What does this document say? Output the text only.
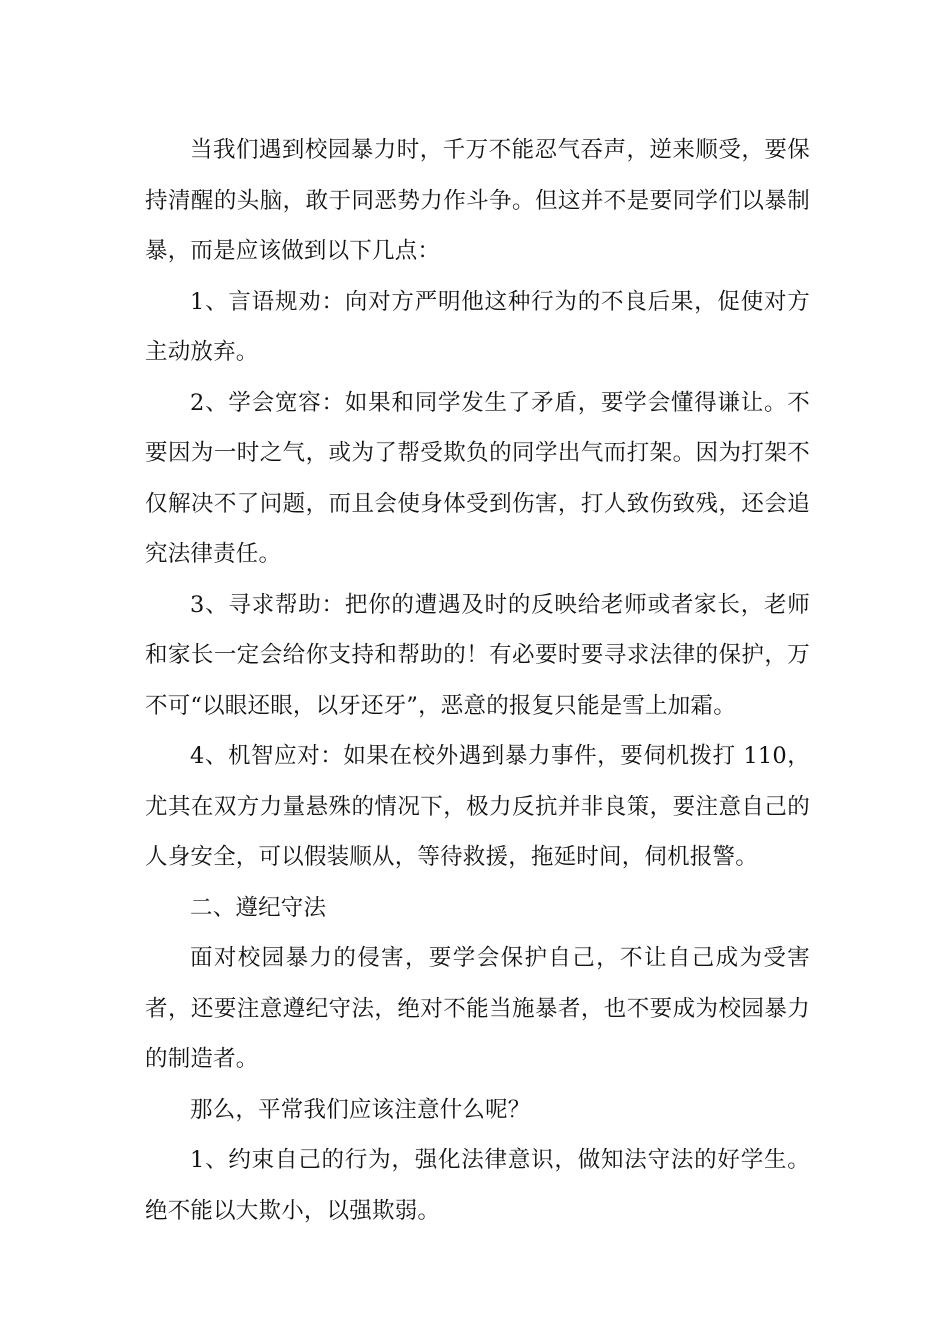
当我们遇到校园暴力时，千万不能忍气吞声，逆来顺受，要保持清醒的头脑，敢于同恶势力作斗争。但这并不是要同学们以暴制暴，而是应该做到以下几点：

1、言语规劝：向对方严明他这种行为的不良后果，促使对方主动放弃。

2、学会宽容：如果和同学发生了矛盾，要学会懂得谦让。不要因为一时之气，或为了帮受欺负的同学出气而打架。因为打架不仅解决不了问题，而且会使身体受到伤害，打人致伤致残，还会追究法律责任。

3、寻求帮助：把你的遭遇及时的反映给老师或者家长，老师和家长一定会给你支持和帮助的！有必要时要寻求法律的保护，万不可“以眼还眼，以牙还牙”，恶意的报复只能是雪上加霜。

4、机智应对：如果在校外遇到暴力事件，要伺机拨打 110，尤其在双方力量悬殊的情况下，极力反抗并非良策，要注意自己的人身安全，可以假装顺从，等待救援，拖延时间，伺机报警。

二、遵纪守法

面对校园暴力的侵害，要学会保护自己，不让自己成为受害者，还要注意遵纪守法，绝对不能当施暴者，也不要成为校园暴力的制造者。

那么，平常我们应该注意什么呢？

1、约束自己的行为，强化法律意识，做知法守法的好学生。绝不能以大欺小，以强欺弱。
